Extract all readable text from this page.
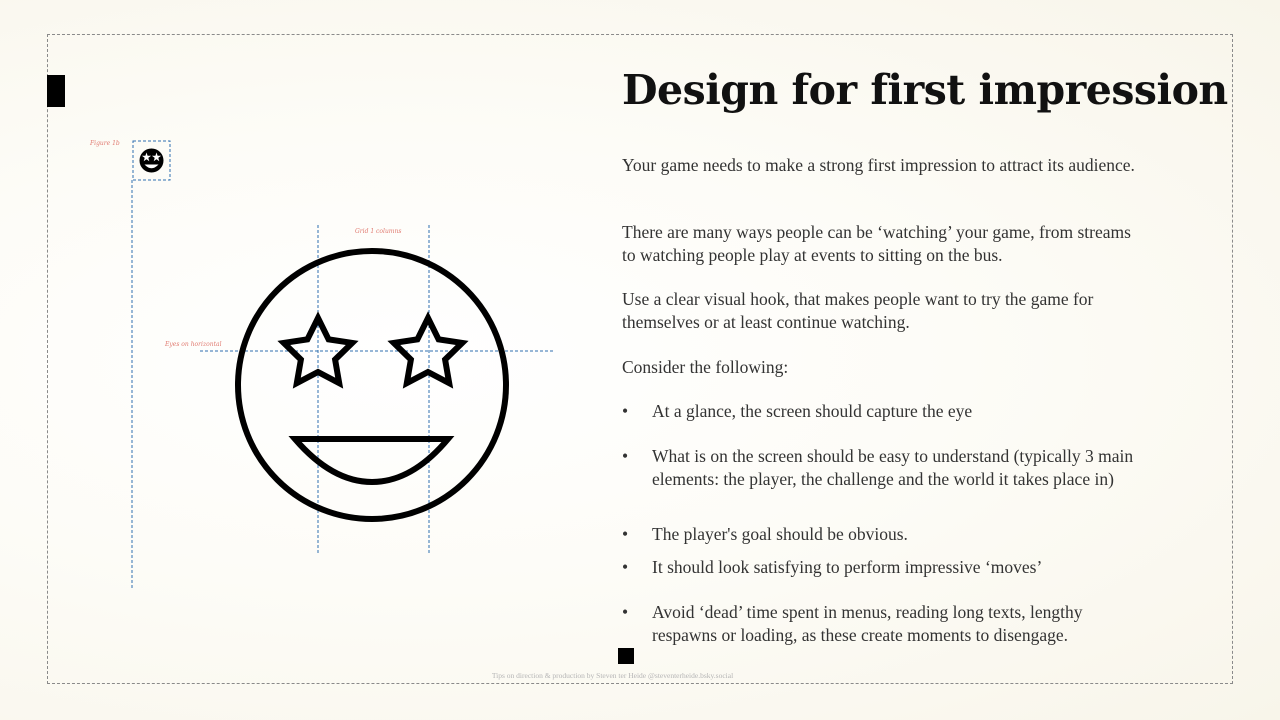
Figure 1b
Grid 1 columns
Eyes on horizontal
Design for first impression
Your game needs to make a strong first impression to attract its audience.
There are many ways people can be ‘watching’ your game, from streams to watching people play at events to sitting on the bus.
Use a clear visual hook, that makes people want to try the game for themselves or at least continue watching.
Consider the following:
• At a glance, the screen should capture the eye
• What is on the screen should be easy to understand (typically 3 main elements: the player, the challenge and the world it takes place in)
• The player's goal should be obvious.
• It should look satisfying to perform impressive ‘moves’
• Avoid ‘dead’ time spent in menus, reading long texts, lengthy respawns or loading, as these create moments to disengage.
Tips on direction & production by Steven ter Heide @steventerheide.bsky.social
